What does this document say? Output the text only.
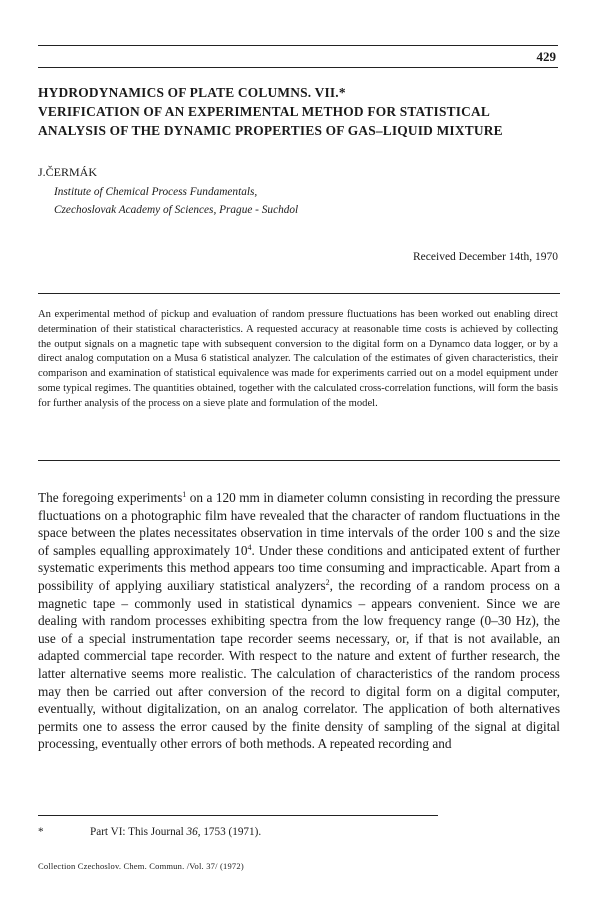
429
HYDRODYNAMICS OF PLATE COLUMNS. VII.*
VERIFICATION OF AN EXPERIMENTAL METHOD FOR STATISTICAL
ANALYSIS OF THE DYNAMIC PROPERTIES OF GAS–LIQUID MIXTURE
J.ČERMÁK
Institute of Chemical Process Fundamentals,
Czechoslovak Academy of Sciences, Prague - Suchdol
Received December 14th, 1970
An experimental method of pickup and evaluation of random pressure fluctuations has been worked out enabling direct determination of their statistical characteristics. A requested accuracy at reasonable time costs is achieved by collecting the output signals on a magnetic tape with subsequent conversion to the digital form on a Dynamco data logger, or by a direct analog computation on a Musa 6 statistical analyzer. The calculation of the estimates of given characteristics, their comparison and examination of statistical equivalence was made for experiments carried out on a model equipment under some typical regimes. The quantities obtained, together with the calculated cross-correlation functions, will form the basis for further analysis of the process on a sieve plate and formulation of the model.
The foregoing experiments$^1$ on a 120 mm in diameter column consisting in recording the pressure fluctuations on a photographic film have revealed that the character of random fluctuations in the space between the plates necessitates observation in time intervals of the order 100 s and the size of samples equalling approximately $10^4$. Under these conditions and anticipated extent of further systematic experiments this method appears too time consuming and impracticable. Apart from a possibility of applying auxiliary statistical analyzers$^2$, the recording of a random process on a magnetic tape – commonly used in statistical dynamics – appears convenient. Since we are dealing with random processes exhibiting spectra from the low frequency range (0–30 Hz), the use of a special instrumentation tape recorder seems necessary, or, if that is not available, an adapted commercial tape recorder. With respect to the nature and extent of further research, the latter alternative seems more realistic. The calculation of characteristics of the random process may then be carried out after conversion of the record to digital form on a digital computer, eventually, without digitalization, on an analog correlator. The application of both alternatives permits one to assess the error caused by the finite density of sampling of the signal at digital processing, eventually other errors of both methods. A repeated recording and
*	Part VI: This Journal 36, 1753 (1971).
Collection Czechoslov. Chem. Commun. /Vol. 37/ (1972)
